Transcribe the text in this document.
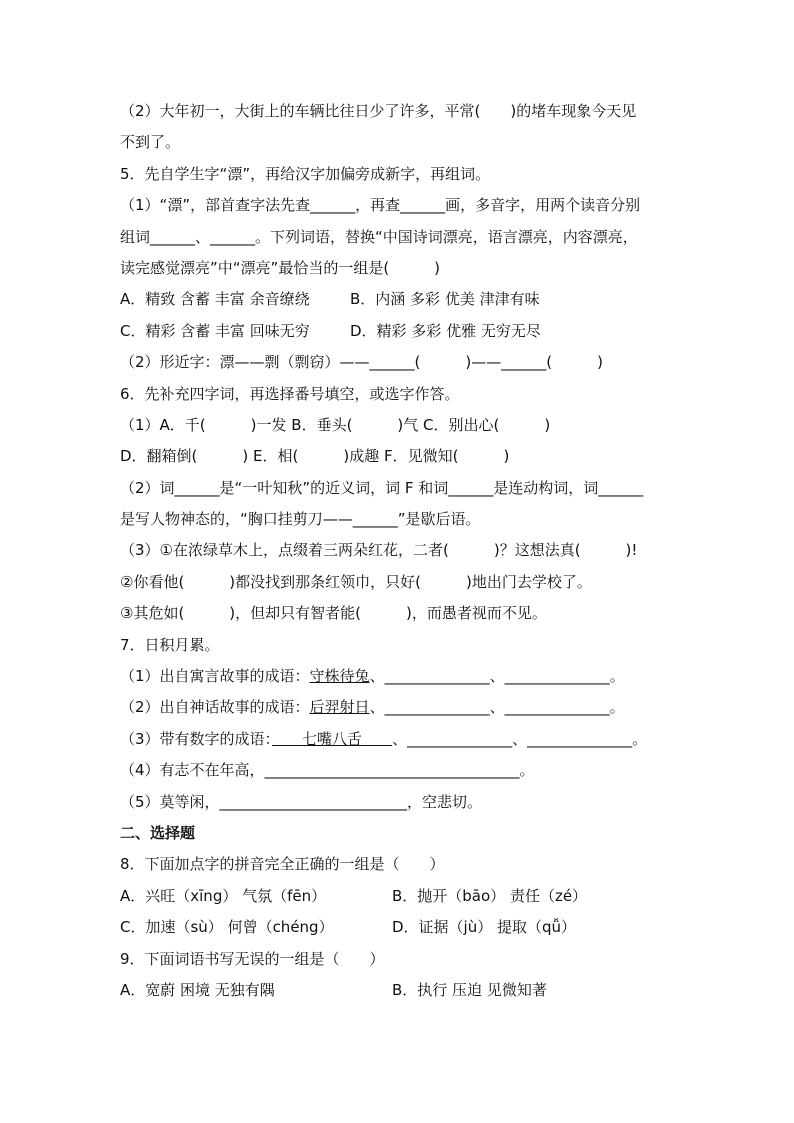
（2）大年初一，大街上的车辆比往日少了许多，平常(　　)的堵车现象今天见
不到了。
5．先自学生字“漂”，再给汉字加偏旁成新字，再组词。
（1）“漂”，部首查字法先查______，再查______画，多音字，用两个读音分别
组词______、______。下列词语，替换“中国诗词漂亮，语言漂亮，内容漂亮，
读完感觉漂亮”中“漂亮”最恰当的一组是(　　　)
A．精致 含蓄 丰富 余音缭绕	B．内涵 多彩 优美 津津有味
C．精彩 含蓄 丰富 回味无穷	D．精彩 多彩 优雅 无穷无尽
（2）形近字：漂——剽（剽窃）——______(　　　)——______(　　　)
6．先补充四字词，再选择番号填空，或选字作答。
（1）A．千(　　　)一发 B．垂头(　　　)气 C．别出心(　　　)
D．翻箱倒(　　　) E．相(　　　)成趣 F．见微知(　　　)
（2）词______是“一叶知秋”的近义词，词 F 和词______是连动构词，词______
是写人物神态的，“胸口挂剪刀——______”是歇后语。
（3）①在浓绿草木上，点缀着三两朵红花，二者(　　　)？这想法真(　　　)!
②你看他(　　　)都没找到那条红领巾，只好(　　　)地出门去学校了。
③其危如(　　　)，但却只有智者能(　　　)，而愚者视而不见。
7．日积月累。
（1）出自寓言故事的成语：守株待兔、______________、______________。
（2）出自神话故事的成语：后羿射日、______________、______________。
（3）带有数字的成语：　　七嘴八舌　　、______________、______________。
（4）有志不在年高，__________________________________。
（5）莫等闲，_________________________，空悲切。
二、选择题
8．下面加点字的拼音完全正确的一组是（　　）
A．兴旺（xīng） 气氛（fēn）	B．抛开（bāo） 责任（zé）
C．加速（sù） 何曾（chéng）	D．证据（jù） 提取（qǚ）
9．下面词语书写无误的一组是（　　）
A．宽蔚 困境 无独有隅	B．执行 压迫 见微知著
